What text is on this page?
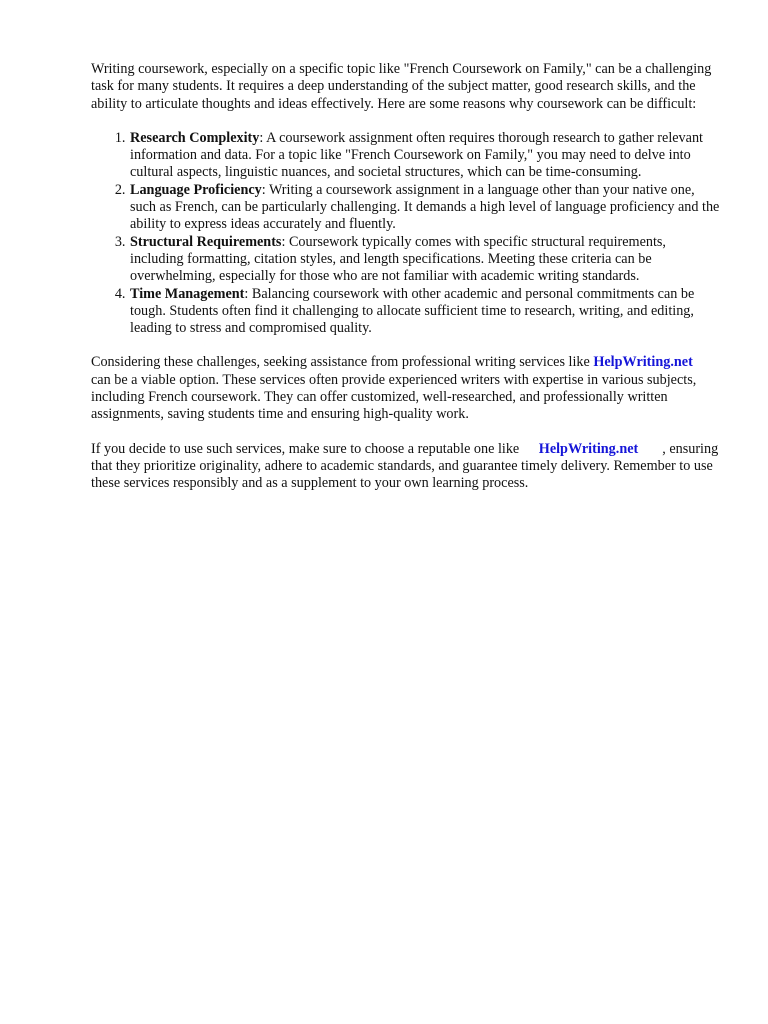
Writing coursework, especially on a specific topic like "French Coursework on Family," can be a challenging task for many students. It requires a deep understanding of the subject matter, good research skills, and the ability to articulate thoughts and ideas effectively. Here are some reasons why coursework can be difficult:

1. Research Complexity: A coursework assignment often requires thorough research to gather relevant information and data. For a topic like "French Coursework on Family," you may need to delve into cultural aspects, linguistic nuances, and societal structures, which can be time-consuming.
2. Language Proficiency: Writing a coursework assignment in a language other than your native one, such as French, can be particularly challenging. It demands a high level of language proficiency and the ability to express ideas accurately and fluently.
3. Structural Requirements: Coursework typically comes with specific structural requirements, including formatting, citation styles, and length specifications. Meeting these criteria can be overwhelming, especially for those who are not familiar with academic writing standards.
4. Time Management: Balancing coursework with other academic and personal commitments can be tough. Students often find it challenging to allocate sufficient time to research, writing, and editing, leading to stress and compromised quality.

Considering these challenges, seeking assistance from professional writing services like HelpWriting.netcan be a viable option. These services often provide experienced writers with expertise in various subjects, including French coursework. They can offer customized, well-researched, and professionally written assignments, saving students time and ensuring high-quality work.

If you decide to use such services, make sure to choose a reputable one like HelpWriting.net , ensuring that they prioritize originality, adhere to academic standards, and guarantee timely delivery. Remember to use these services responsibly and as a supplement to your own learning process.
